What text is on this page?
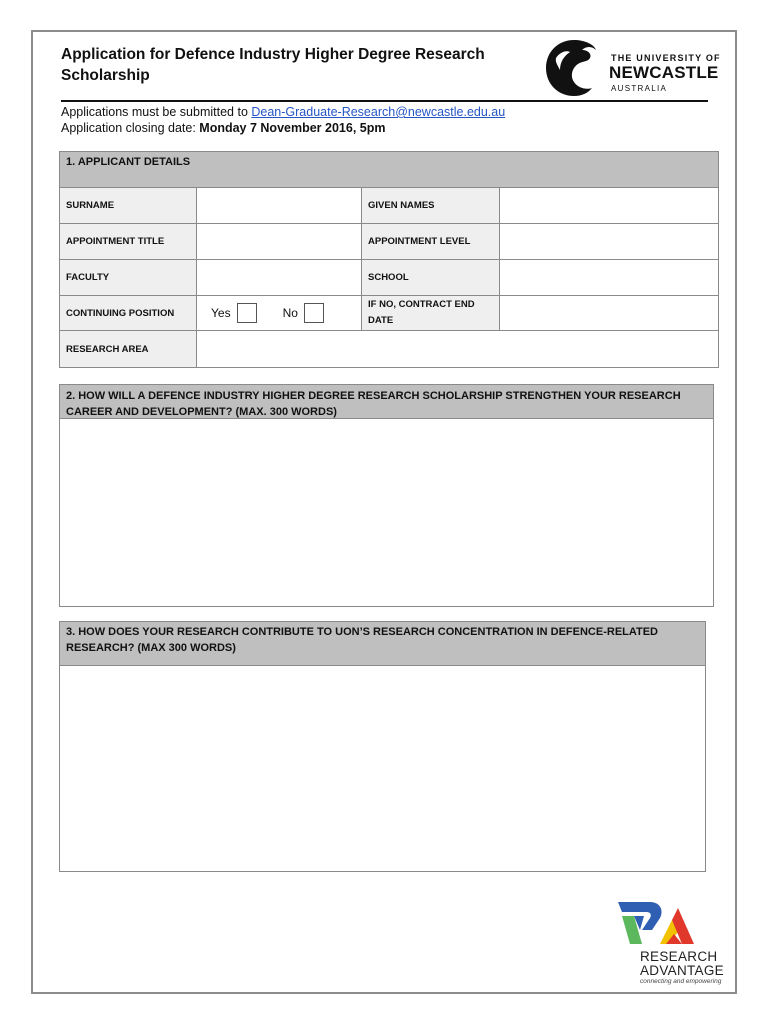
Application for Defence Industry Higher Degree Research Scholarship
THE UNIVERSITY OF
NEWCASTLE
AUSTRALIA
Applications must be submitted to Dean-Graduate-Research@newcastle.edu.au
Application closing date: Monday 7 November 2016, 5pm
1. APPLICANT DETAILS			
SURNAME		GIVEN NAMES	
APPOINTMENT TITLE		APPOINTMENT LEVEL	
FACULTY		SCHOOL	
CONTINUING POSITION	Yes No	IF NO, CONTRACT END DATE	
RESEARCH AREA			
2. HOW WILL A DEFENCE INDUSTRY HIGHER DEGREE RESEARCH SCHOLARSHIP STRENGTHEN YOUR RESEARCH CAREER AND DEVELOPMENT? (MAX. 300 WORDS)
3. HOW DOES YOUR RESEARCH CONTRIBUTE TO UON’S RESEARCH CONCENTRATION IN DEFENCE-RELATED RESEARCH? (MAX 300 WORDS)
RESEARCH
ADVANTAGE
connecting and empowering
